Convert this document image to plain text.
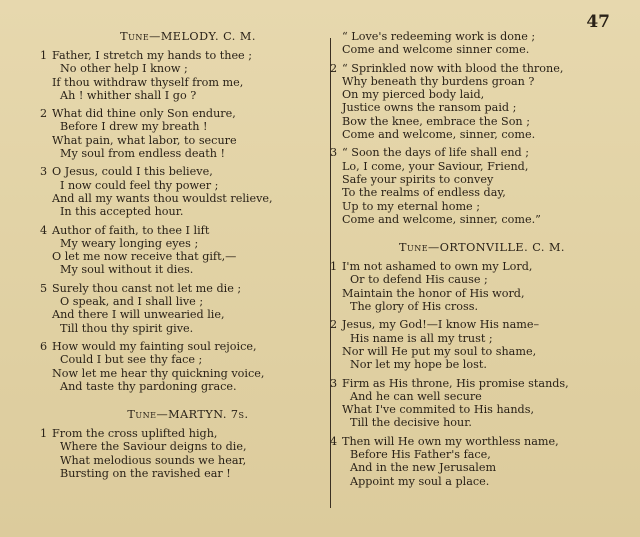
47
Tune—MELODY. C. M.
1 Father, I stretch my hands to thee ;
No other help I know ;
If thou withdraw thyself from me,
Ah ! whither shall I go ?
2 What did thine only Son endure,
Before I drew my breath !
What pain, what labor, to secure
My soul from endless death !
3 O Jesus, could I this believe,
I now could feel thy power ;
And all my wants thou wouldst relieve,
In this accepted hour.
4 Author of faith, to thee I lift
My weary longing eyes ;
O let me now receive that gift,—
My soul without it dies.
5 Surely thou canst not let me die ;
O speak, and I shall live ;
And there I will unwearied lie,
Till thou thy spirit give.
6 How would my fainting soul rejoice,
Could I but see thy face ;
Now let me hear thy quickning voice,
And taste thy pardoning grace.
Tune—MARTYN. 7s.
1 From the cross uplifted high,
Where the Saviour deigns to die,
What melodious sounds we hear,
Bursting on the ravished ear !
“ Love's redeeming work is done ;
Come and welcome sinner come.
2 “ Sprinkled now with blood the throne,
Why beneath thy burdens groan ?
On my pierced body laid,
Justice owns the ransom paid ;
Bow the knee, embrace the Son ;
Come and welcome, sinner, come.
3 “ Soon the days of life shall end ;
Lo, I come, your Saviour, Friend,
Safe your spirits to convey
To the realms of endless day,
Up to my eternal home ;
Come and welcome, sinner, come.”
Tune—ORTONVILLE. C. M.
1 I'm not ashamed to own my Lord,
Or to defend His cause ;
Maintain the honor of His word,
The glory of His cross.
2 Jesus, my God!—I know His name–
His name is all my trust ;
Nor will He put my soul to shame,
Nor let my hope be lost.
3 Firm as His throne, His promise stands,
And he can well secure
What I've commited to His hands,
Till the decisive hour.
4 Then will He own my worthless name,
Before His Father's face,
And in the new Jerusalem
Appoint my soul a place.
